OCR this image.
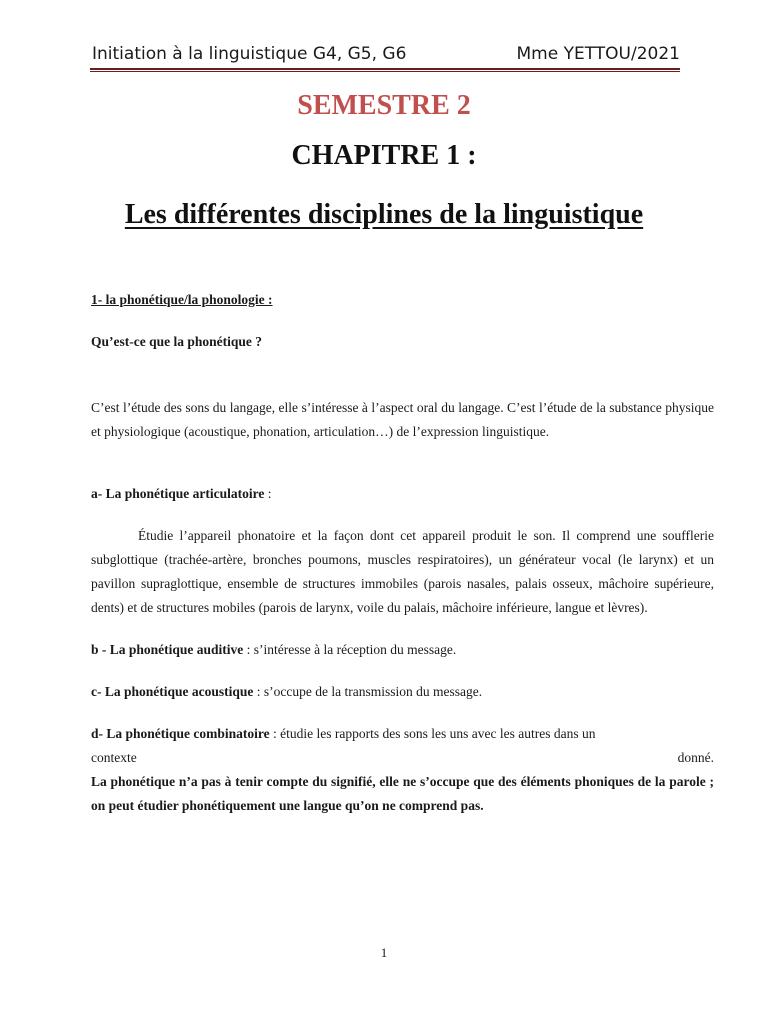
Initiation à la linguistique G4, G5, G6	Mme YETTOU/2021
SEMESTRE 2
CHAPITRE 1 :
Les différentes disciplines de la linguistique

1- la phonétique/la phonologie :

Qu’est-ce que la phonétique ?

C’est l’étude des sons du langage, elle s’intéresse à l’aspect oral du langage. C’est l’étude de la substance physique et physiologique (acoustique, phonation, articulation…) de l’expression linguistique.

a- La phonétique articulatoire :

Étudie l’appareil phonatoire et la façon dont cet appareil produit le son. Il comprend une soufflerie subglottique (trachée-artère, bronches poumons, muscles respiratoires), un générateur vocal (le larynx) et un pavillon supraglottique, ensemble de structures immobiles (parois nasales, palais osseux, mâchoire supérieure, dents) et de structures mobiles (parois de larynx, voile du palais, mâchoire inférieure, langue et lèvres).

b - La phonétique auditive : s’intéresse à la réception du message.

c- La phonétique acoustique : s’occupe de la transmission du message.

d- La phonétique combinatoire : étudie les rapports des sons les uns avec les autres dans un

contexte	donné.

La phonétique n’a pas à tenir compte du signifié, elle ne s’occupe que des éléments phoniques de la parole ; on peut étudier phonétiquement une langue qu’on ne comprend pas.

1
